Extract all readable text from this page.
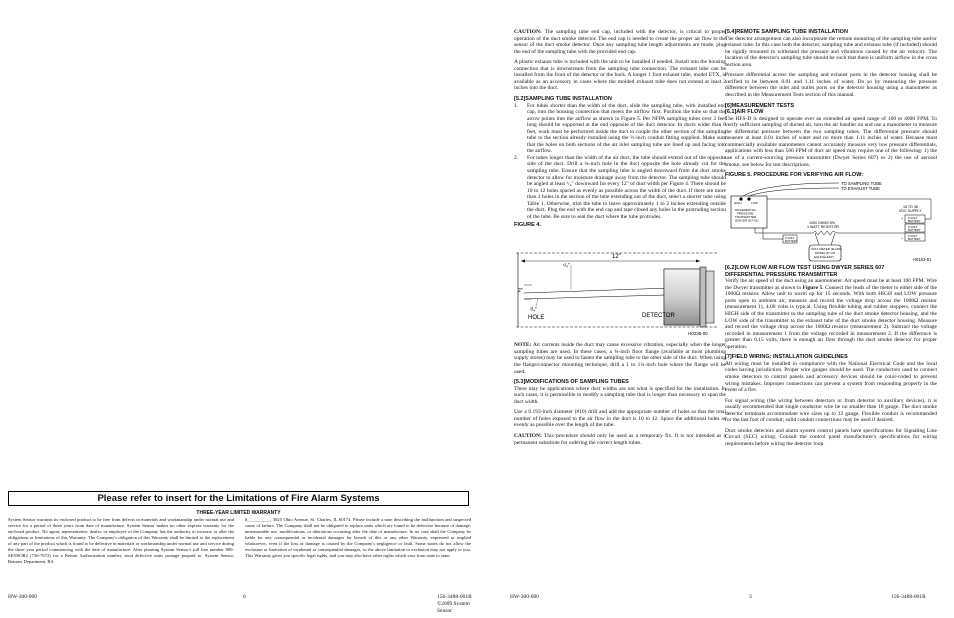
Please refer to insert for the Limitations of Fire Alarm Systems
THREE-YEAR LIMITED WARRANTY
System Sensor warrants its enclosed product to be free from defects in materials and workmanship under normal use and service for a period of three years from date of manufacture. System Sensor makes no other express warranty for the enclosed product. No agent, representative, dealer, or employee of the Company has the authority to increase or alter the obligations or limitations of this Warranty. The Company's obligation of this Warranty shall be limited to the replacement of any part of the product which is found to be defective in materials or workmanship under normal use and service during the three year period commencing with the date of manufacture. After phoning System Sensor's toll free number 800-SENSOR2 (736-7672) for a Return Authorization number, send defective units postage prepaid to: System Sensor, Returns Department, RA
#__________, 3825 Ohio Avenue, St. Charles, IL 60174. Please include a note describing the malfunction and suspected cause of failure. The Company shall not be obligated to replace units which are found to be defective because of damage, unreasonable use, modifications, or alterations occurring after the date of manufacture. In no case shall the Company be liable for any consequential or incidental damages for breach of this or any other Warranty, expressed or implied whatsoever, even if the loss or damage is caused by the Company's negligence or fault. Some states do not allow the exclusion or limitation of incidental or consequential damages, so the above limitation or exclusion may not apply to you. This Warranty gives you specific legal rights, and you may also have other rights which vary from state to state.
HW-300-000	6	156-3488-001R
©2009 System Sensor

CAUTION: The sampling tube end cap, included with the detector, is critical to proper operation of the duct smoke detector. The end cap is needed to create the proper air flow to the sensor of the duct smoke detector. Once any sampling tube length adjustments are made, plug the end of the sampling tube with the provided end cap.

A plastic exhaust tube is included with the unit to be installed if needed. Install into the housing connection that is downstream from the sampling tube connection. The exhaust tube can be installed from the front of the detector or the back. A longer 1 foot exhaust tube, model ETX, is available as an accessory in cases where the molded exhaust tube does not extend at least 2 inches into the duct.

[5.2]SAMPLING TUBE INSTALLATION
1. For tubes shorter than the width of the duct, slide the sampling tube, with installed end cap, into the housing connection that meets the airflow first. Position the tube so that the arrow points into the airflow as shown in Figure 5. Per NFPA sampling tubes over 3 feet long should be supported at the end opposite of the duct detector. In ducts wider than 8 feet, work must be performed inside the duct to couple the other section of the sampling tube to the section already installed using the ½-inch conduit fitting supplied. Make sure that the holes on both sections of the air inlet sampling tube are lined up and facing into the airflow.
2. For tubes longer than the width of the air duct, the tube should extend out of the opposite side of the duct. Drill a ¾-inch hole in the duct opposite the hole already cut for the sampling tube. Ensure that the sampling tube is angled downward from the duct smoke detector to allow for moisture drainage away from the detector. The sampling tube should be angled at least ¹/₄" downward for every 12" of duct width per Figure 4. There should be 10 to 12 holes spaced as evenly as possible across the width of the duct. If there are more than 2 holes in the section of the tube extending out of the duct, select a shorter tube using Table 1. Otherwise, trim the tube to leave approximately 1 to 2 inches extending outside the duct. Plug the end with the end cap and tape closed any holes in the protruding section of the tube. Be sure to seal the duct where the tube protrudes.
FIGURE 4.
12"
¹/₄"
2"
DETECTOR
³/₄"
HOLE
H0235-00

NOTE: Air currents inside the duct may cause excessive vibration, especially when the longer sampling tubes are used. In these cases, a ¾-inch floor flange (available at most plumbing supply stores) may be used to fasten the sampling tube to the other side of the duct. When using the flange/connector mounting technique, drill a 1 to 1¼-inch hole where the flange will be used.

[5.3]MODIFICATIONS OF SAMPLING TUBES

There may be applications where duct widths are not what is specified for the installation. In such cases, it is permissible to modify a sampling tube that is longer than necessary to span the duct width.

Use a 0.193-inch diameter (#10) drill and add the appropriate number of holes so that the total number of holes exposed to the air flow in the duct is 10 to 12. Space the additional holes as evenly as possible over the length of the tube.

CAUTION: This procedure should only be used as a temporary fix. It is not intended as a permanent substitute for ordering the correct length tubes.

[5.4]REMOTE SAMPLING TUBE INSTALLATION

The detector arrangement can also incorporate the remote mounting of the sampling tube and/or exhaust tube. In this case both the detector, sampling tube and exhaust tube (if included) should be rigidly mounted to withstand the pressure and vibrations caused by the air velocity. The location of the detector's sampling tube should be such that there is uniform airflow in the cross section area.

Pressure differential across the sampling and exhaust ports in the detector housing shall be verified to be between 0.01 and 1.11 inches of water. Do so by measuring the pressure difference between the inlet and outlet ports on the detector housing using a manometer as described in the Measurement Tests section of this manual.

[6]MEASUREMENT TESTS
[6.1]AIR FLOW

The HFS-D is designed to operate over an extended air speed range of 100 to 4000 FPM. To verify sufficient sampling of ducted air, turn the air handler on and use a manometer to measure the differential pressure between the two sampling tubes. The differential pressure should measure at least 0.01 inches of water and no more than 1.11 inches of water. Because most commercially available manometers cannot accurately measure very low pressure differentials, applications with less than 500 FPM of duct air speed may require one of the following: 1) the use of a current-sourcing pressure transmitter (Dwyer Series 607) or 2) the use of aerosol smoke, see below for test descriptions.

FIGURE 5. PROCEDURE FOR VERIFYING AIR FLOW:
TO SAMPLING TUBE
TO EXHAUST TUBE
HIGH	LOW
DIFFERENTIAL
PRESSURE
TRANSMITTER
(DWYER 607-01)
16 TO 36
VDC SUPPLY
9 VOLT
BATTERY
9 VOLT
BATTERY
9 VOLT
BATTERY
+
–
1000 OHMS 5%
1 WATT RESISTOR
9 VOLT
BATTERY
VOLT METER (FLUKE
MODEL 87 OR
EQUIVALENT)	H0163-01
[6.2]LOW FLOW AIR FLOW TEST USING DWYER SERIES 607
DIFFERENTIAL PRESSURE TRANSMITTER

Verify the air speed of the duct using an anemometer. Air speed must be at least 100 FPM. Wire the Dwyer transmitter as shown in Figure 5. Connect the leads of the meter to either side of the 1000Ω resistor. Allow unit to warm up for 15 seconds. With both HIGH and LOW pressure ports open to ambient air, measure and record the voltage drop across the 1000Ω resistor (measurement 1), 4.00 volts is typical. Using flexible tubing and rubber stoppers, connect the HIGH side of the transmitter to the sampling tube of the duct smoke detector housing, and the LOW side of the transmitter to the exhaust tube of the duct smoke detector housing. Measure and record the voltage drop across the 1000Ω resistor (measurement 2). Subtract the voltage recorded in measurement 1 from the voltage recorded in measurement 2. If the difference is greater than 0.15 volts, there is enough air flow through the duct smoke detector for proper operation.

[7]FIELD WIRING; INSTALLATION GUIDELINES

All wiring must be installed in compliance with the National Electrical Code and the local codes having jurisdiction. Proper wire gauges should be used. The conductors used to connect smoke detectors to control panels and accessory devices should be color-coded to prevent wiring mistakes. Improper connections can prevent a system from responding properly in the event of a fire.

For signal wiring (the wiring between detectors or from detector to auxiliary devices), it is usually recommended that single conductor wire be no smaller than 18 gauge. The duct smoke detector terminals accommodate wire sizes up to 12 gauge. Flexible conduit is recommended for the last foot of conduit; solid conduit connections may be used if desired.

Duct smoke detectors and alarm system control panels have specifications for Signaling Line Circuit (SLC) wiring. Consult the control panel manufacturer's specifications for wiring requirements before wiring the detector loop.

HW-300-000	3	156-3488-001R
